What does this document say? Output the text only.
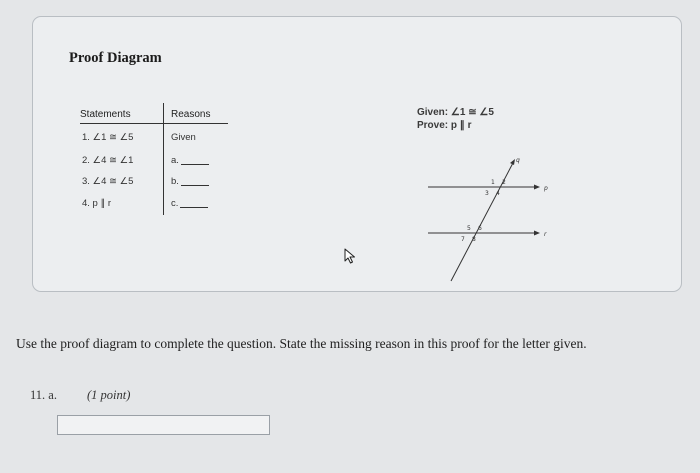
Proof Diagram
Statements	Reasons
1. ∠1 ≅ ∠5	Given
2. ∠4 ≅ ∠1	a.
3. ∠4 ≅ ∠5	b.
4. p ∥ r	c.
Given: ∠1 ≅ ∠5
Prove: p ∥ r
q
p
r
1 2
3 4
5 6
7 8
Use the proof diagram to complete the question. State the missing reason in this proof for the letter given.
11. a. (1 point)
